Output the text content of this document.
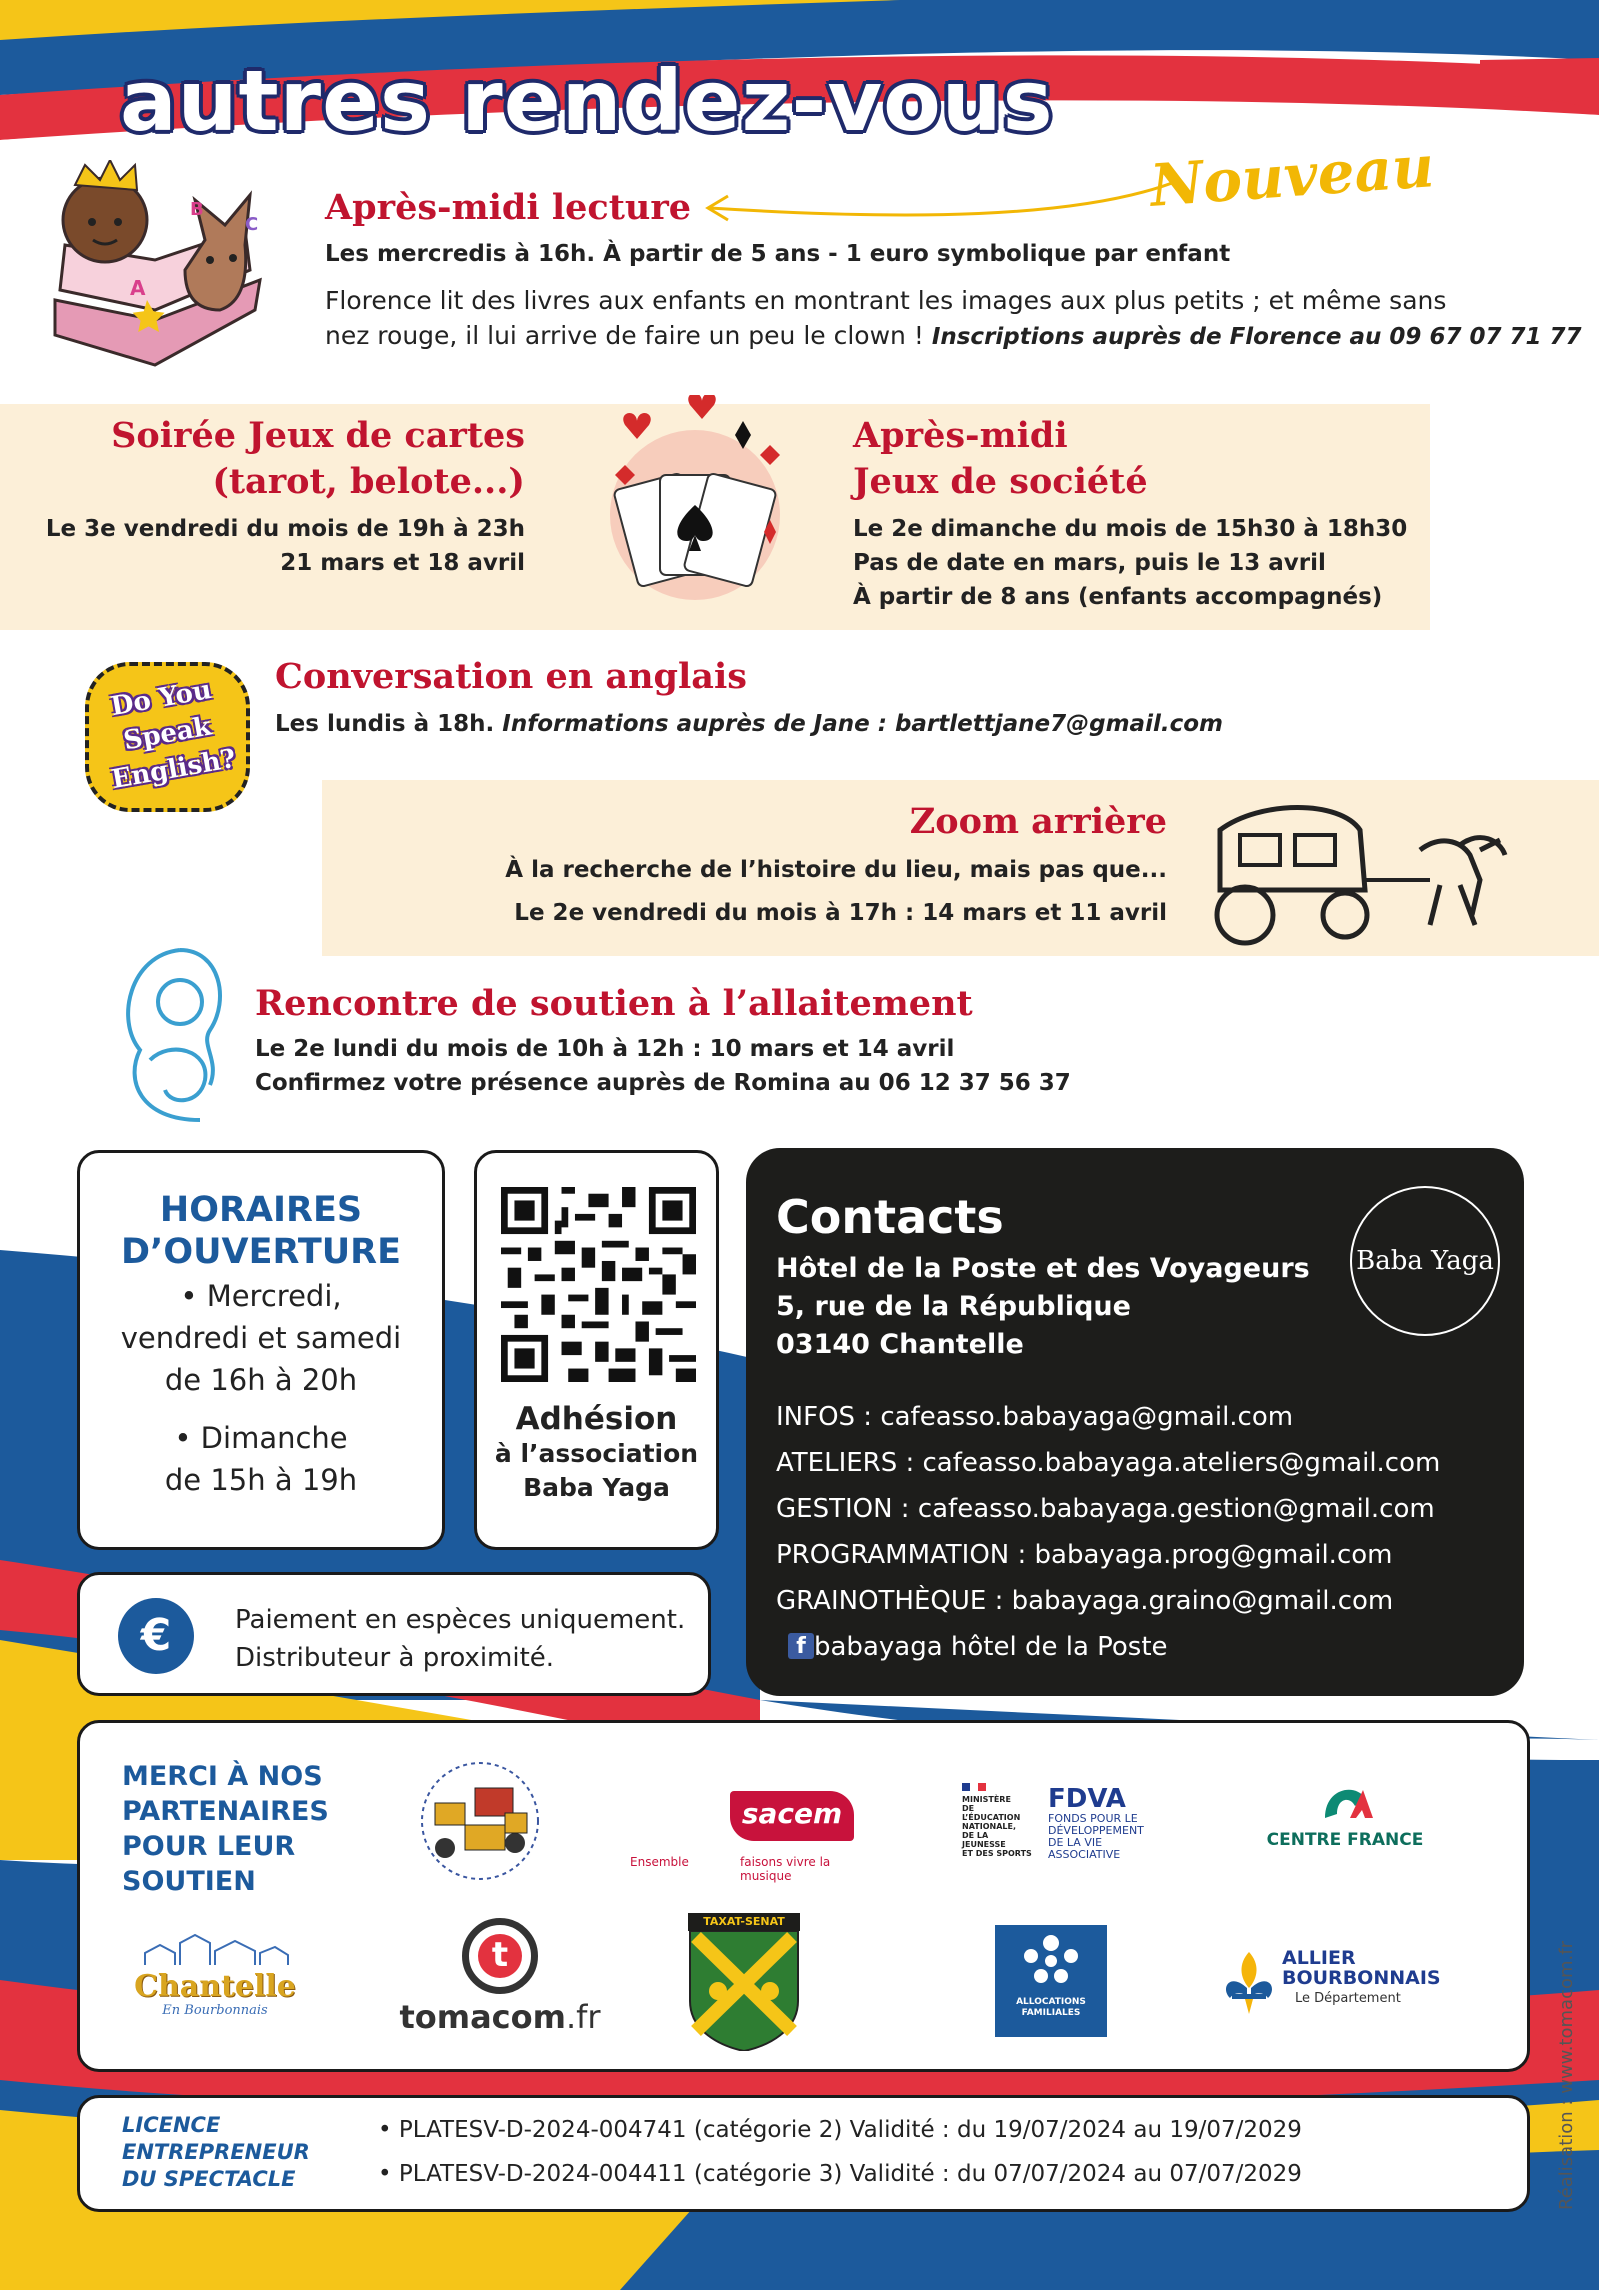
autres rendez-vous
Nouveau
B
C
A
Après-midi lecture
Les mercredis à 16h. À partir de 5 ans - 1 euro symbolique par enfant
Florence lit des livres aux enfants en montrant les images aux plus petits ; et même sans
nez rouge, il lui arrive de faire un peu le clown ! Inscriptions auprès de Florence au 09 67 07 71 77
Soirée Jeux de cartes
(tarot, belote...)
Le 3e vendredi du mois de 19h à 23h
21 mars et 18 avril
Après-midi
Jeux de société
Le 2e dimanche du mois de 15h30 à 18h30
Pas de date en mars, puis le 13 avril
À partir de 8 ans (enfants accompagnés)
Do You
Speak
English?
Conversation en anglais
Les lundis à 18h. Informations auprès de Jane : bartlettjane7@gmail.com
Zoom arrière
À la recherche de l’histoire du lieu, mais pas que...
Le 2e vendredi du mois à 17h : 14 mars et 11 avril
Rencontre de soutien à l’allaitement
Le 2e lundi du mois de 10h à 12h : 10 mars et 14 avril
Confirmez votre présence auprès de Romina au 06 12 37 56 37
HORAIRES
D’OUVERTURE
• Mercredi,
vendredi et samedi
de 16h à 20h
• Dimanche
de 15h à 19h
Adhésion
à l’association
Baba Yaga
€	Paiement en espèces uniquement.
Distributeur à proximité.
Contacts
Hôtel de la Poste et des Voyageurs
5, rue de la République
03140 Chantelle
Baba Yaga
INFOS : cafeasso.babayaga@gmail.com
ATELIERS : cafeasso.babayaga.ateliers@gmail.com
GESTION : cafeasso.babayaga.gestion@gmail.com
PROGRAMMATION : babayaga.prog@gmail.com
GRAINOTHÈQUE : babayaga.graino@gmail.com
f babayaga hôtel de la Poste
MERCI À NOS
PARTENAIRES
POUR LEUR
SOUTIEN
sacem
Ensemble	faisons vivre la musique
MINISTÈRE
DE L’ÉDUCATION
NATIONALE,
DE LA JEUNESSE
ET DES SPORTS
FDVA
FONDS POUR LE
DÉVELOPPEMENT
DE LA VIE
ASSOCIATIVE
CENTRE FRANCE
Chantelle
En Bourbonnais
t
tomacom.fr
TAXAT-SENAT
ALLOCATIONS
FAMILIALES
ALLIER
BOURBONNAIS
Le Département
LICENCE
ENTREPRENEUR
DU SPECTACLE
• PLATESV-D-2024-004741 (catégorie 2) Validité : du 19/07/2024 au 19/07/2029
• PLATESV-D-2024-004411 (catégorie 3) Validité : du 07/07/2024 au 07/07/2029	Réalisation : www.tomacom.fr
